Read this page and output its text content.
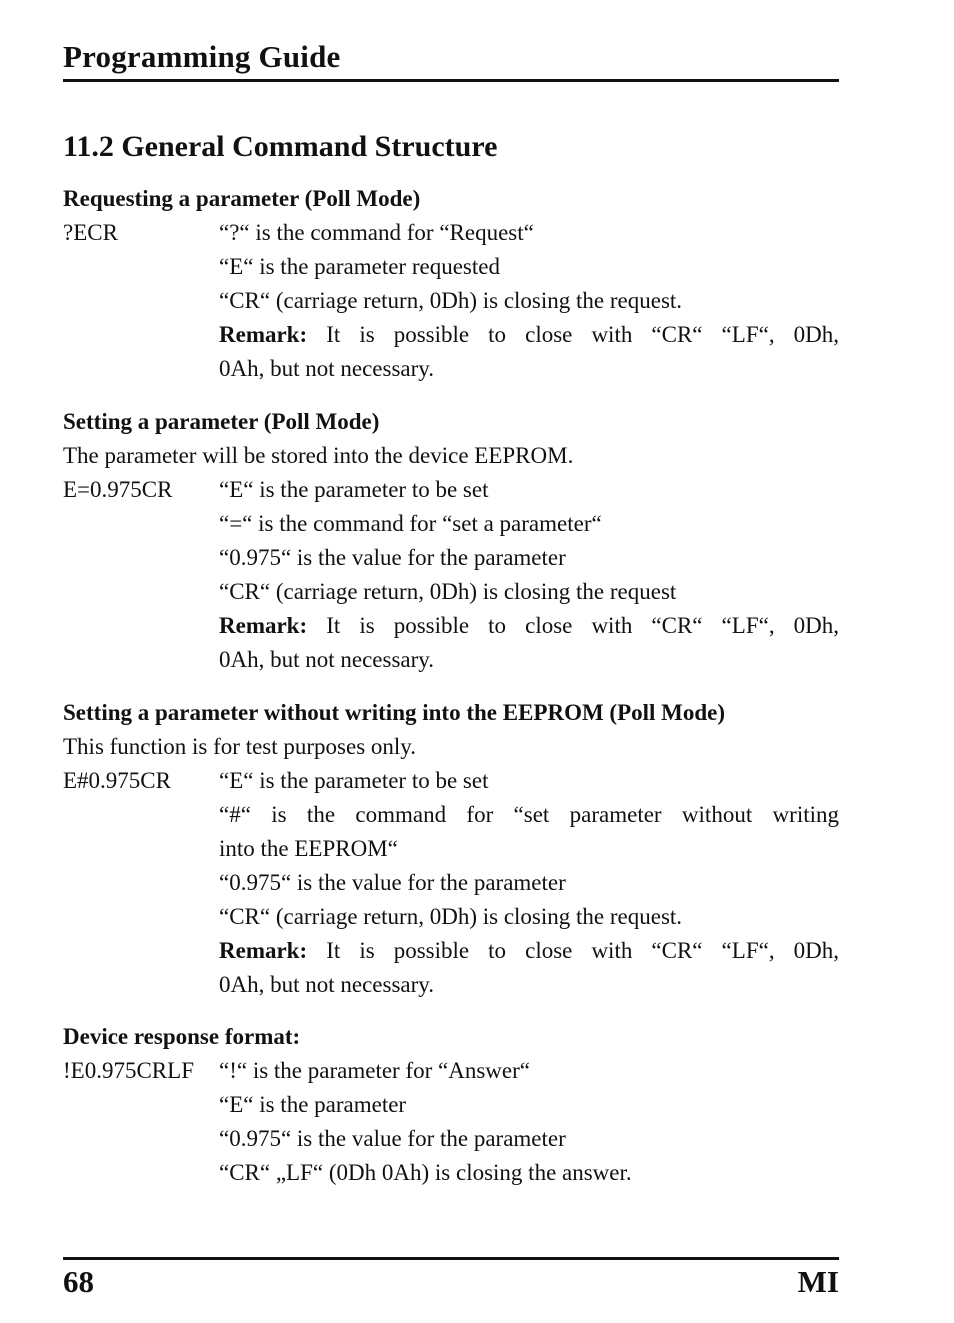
Programming Guide
11.2 General Command Structure
Requesting a parameter (Poll Mode)
?ECR	“?“ is the command for “Request“
“E“ is the parameter requested
“CR“ (carriage return, 0Dh) is closing the request.
Remark: It is possible to close with “CR“ “LF“, 0Dh,
0Ah, but not necessary.
Setting a parameter (Poll Mode)
The parameter will be stored into the device EEPROM.
E=0.975CR	“E“ is the parameter to be set
“=“ is the command for “set a parameter“
“0.975“ is the value for the parameter
“CR“ (carriage return, 0Dh) is closing the request
Remark: It is possible to close with “CR“ “LF“, 0Dh,
0Ah, but not necessary.
Setting a parameter without writing into the EEPROM (Poll Mode)
This function is for test purposes only.
E#0.975CR	“E“ is the parameter to be set
“#“ is the command for “set parameter without writing
into the EEPROM“
“0.975“ is the value for the parameter
“CR“ (carriage return, 0Dh) is closing the request.
Remark: It is possible to close with “CR“ “LF“, 0Dh,
0Ah, but not necessary.
Device response format:
!E0.975CRLF	“!“ is the parameter for “Answer“
“E“ is the parameter
“0.975“ is the value for the parameter
“CR“ „LF“ (0Dh 0Ah) is closing the answer.
68	MI
